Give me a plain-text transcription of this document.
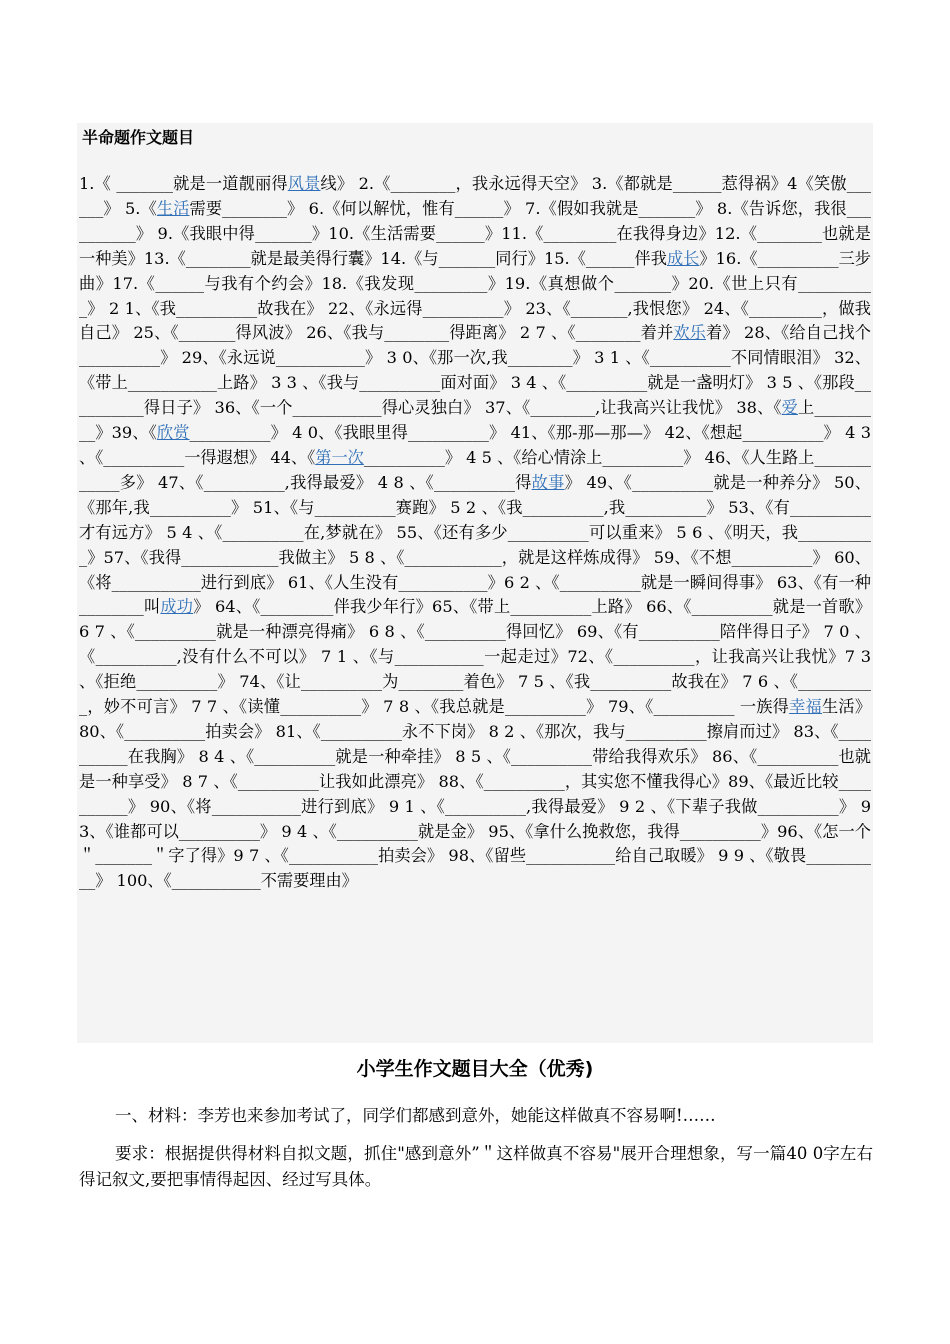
半命题作文题目

1.《 _______就是一道靓丽得风景线》 2.《________，我永远得天空》 3.《都就是______惹得祸》4《笑傲______》 5.《生活需要________》 6.《何以解忧，惟有______》 7.《假如我就是_______》 8.《告诉您，我很__________》 9.《我眼中得_______》10.《生活需要______》11.《_________在我得身边》12.《________也就是一种美》13.《________就是最美得行囊》14.《与_______同行》15.《______伴我成长》16.《__________三步曲》17.《______与我有个约会》18.《我发现_________》19.《真想做个_______》20.《世上只有__________》 2 1、《我__________故我在》 22、《永远得__________》 23、《_______,我恨您》 24、《_________，做我自己》 25、《_______得风波》 26、《我与________得距离》 2 7 、《________着并欢乐着》 28、《给自己找个__________》 29、《永远说___________》 3 0、《那一次,我________》 3 1 、《__________不同情眼泪》 32、《带上___________上路》 3 3 、《我与__________面对面》 3 4 、《__________就是一盏明灯》 3 5 、《那段__________得日子》 36、《一个___________得心灵独白》 37、《________,让我高兴让我忧》 38、《爱上_________》39、《欣赏__________》 4 0、《我眼里得__________》 41、《那-那—那—》 42、《想起__________》 4 3 、《__________一得遐想》 44、《第一次__________》 4 5 、《给心情涂上__________》 46、《人生路上____________多》 47、《__________,我得最爱》 4 8 、《__________得故事》 49、《__________就是一种养分》 50、《那年,我__________》 51、《与__________赛跑》 5 2 、《我__________,我__________》 53、《有__________才有远方》 5 4 、《__________在,梦就在》 55、《还有多少__________可以重来》 5 6 、《明天，我__________》57、《我得____________我做主》 5 8 、《____________，就是这样炼成得》 59、《不想__________》 60、《将___________进行到底》 61、《人生没有___________》6 2 、《__________就是一瞬间得事》 63、《有一种________叫成功》 64、《_________伴我少年行》65、《带上__________上路》 66、《__________就是一首歌》 6 7 、《__________就是一种漂亮得痛》 6 8 、《__________得回忆》 69、《有__________陪伴得日子》 7 0 、《__________,没有什么不可以》 7 1 、《与___________一起走过》72、《__________，让我高兴让我忧》7 3 、《拒绝__________》 74、《让__________为________着色》 7 5 、《我__________故我在》 7 6 、《__________，妙不可言》 7 7 、《读懂__________》 7 8 、《我总就是__________》 79、《__________ 一族得幸福生活》 80、《__________拍卖会》 81、《__________永不下岗》 8 2 、《那次，我与__________擦肩而过》 83、《__________在我胸》 8 4 、《__________就是一种牵挂》 8 5 、《__________带给我得欢乐》 86、《__________也就是一种享受》 8 7 、《__________让我如此漂亮》 88、《__________，其实您不懂我得心》89、《最近比较__________》 90、《将___________进行到底》 9 1 、《__________,我得最爱》 9 2 、《下辈子我做__________》 93、《谁都可以__________》 9 4 、《__________就是金》 95、《拿什么挽救您，我得__________》96、《怎一个＂_______＂字了得》9 7 、《___________拍卖会》 98、《留些___________给自己取暖》 9 9 、《敬畏__________》 100、《___________不需要理由》

小学生作文题目大全（优秀)

一、材料：李芳也来参加考试了，同学们都感到意外，她能这样做真不容易啊!……

要求：根据提供得材料自拟文题，抓住"感到意外”＂这样做真不容易"展开合理想象，写一篇40 0字左右得记叙文,要把事情得起因、经过写具体。
